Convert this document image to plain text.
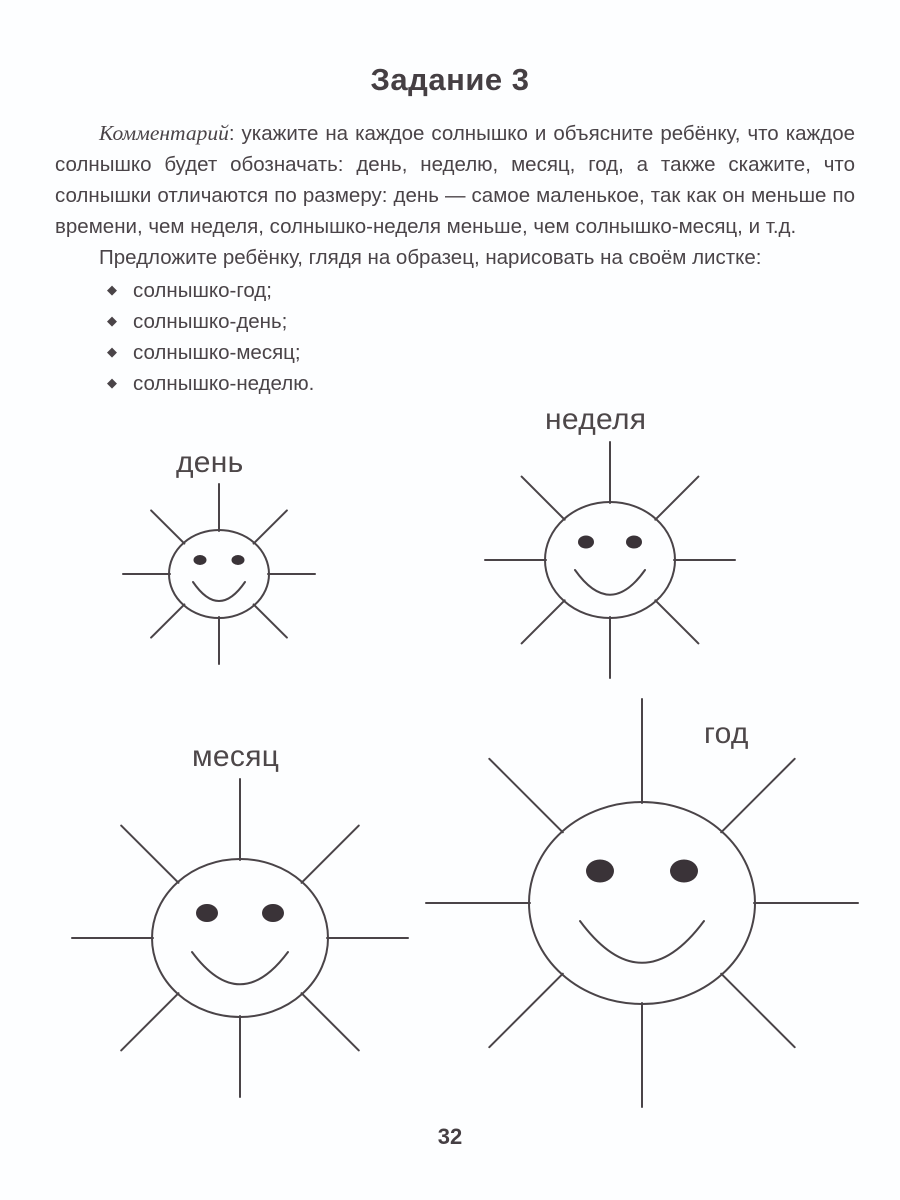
Задание 3

Комментарий: укажите на каждое солнышко и объясните ребёнку, что каждое солнышко будет обозначать: день, неделю, месяц, год, а также скажите, что солнышки отличаются по размеру: день — самое маленькое, так как он меньше по времени, чем неделя, солнышко-неделя меньше, чем солнышко-месяц, и т.д.

Предложите ребёнку, глядя на образец, нарисовать на своём листке:

◆ солнышко-год;
◆ солнышко-день;
◆ солнышко-месяц;
◆ солнышко-неделю.
день
неделя
месяц
год
32
